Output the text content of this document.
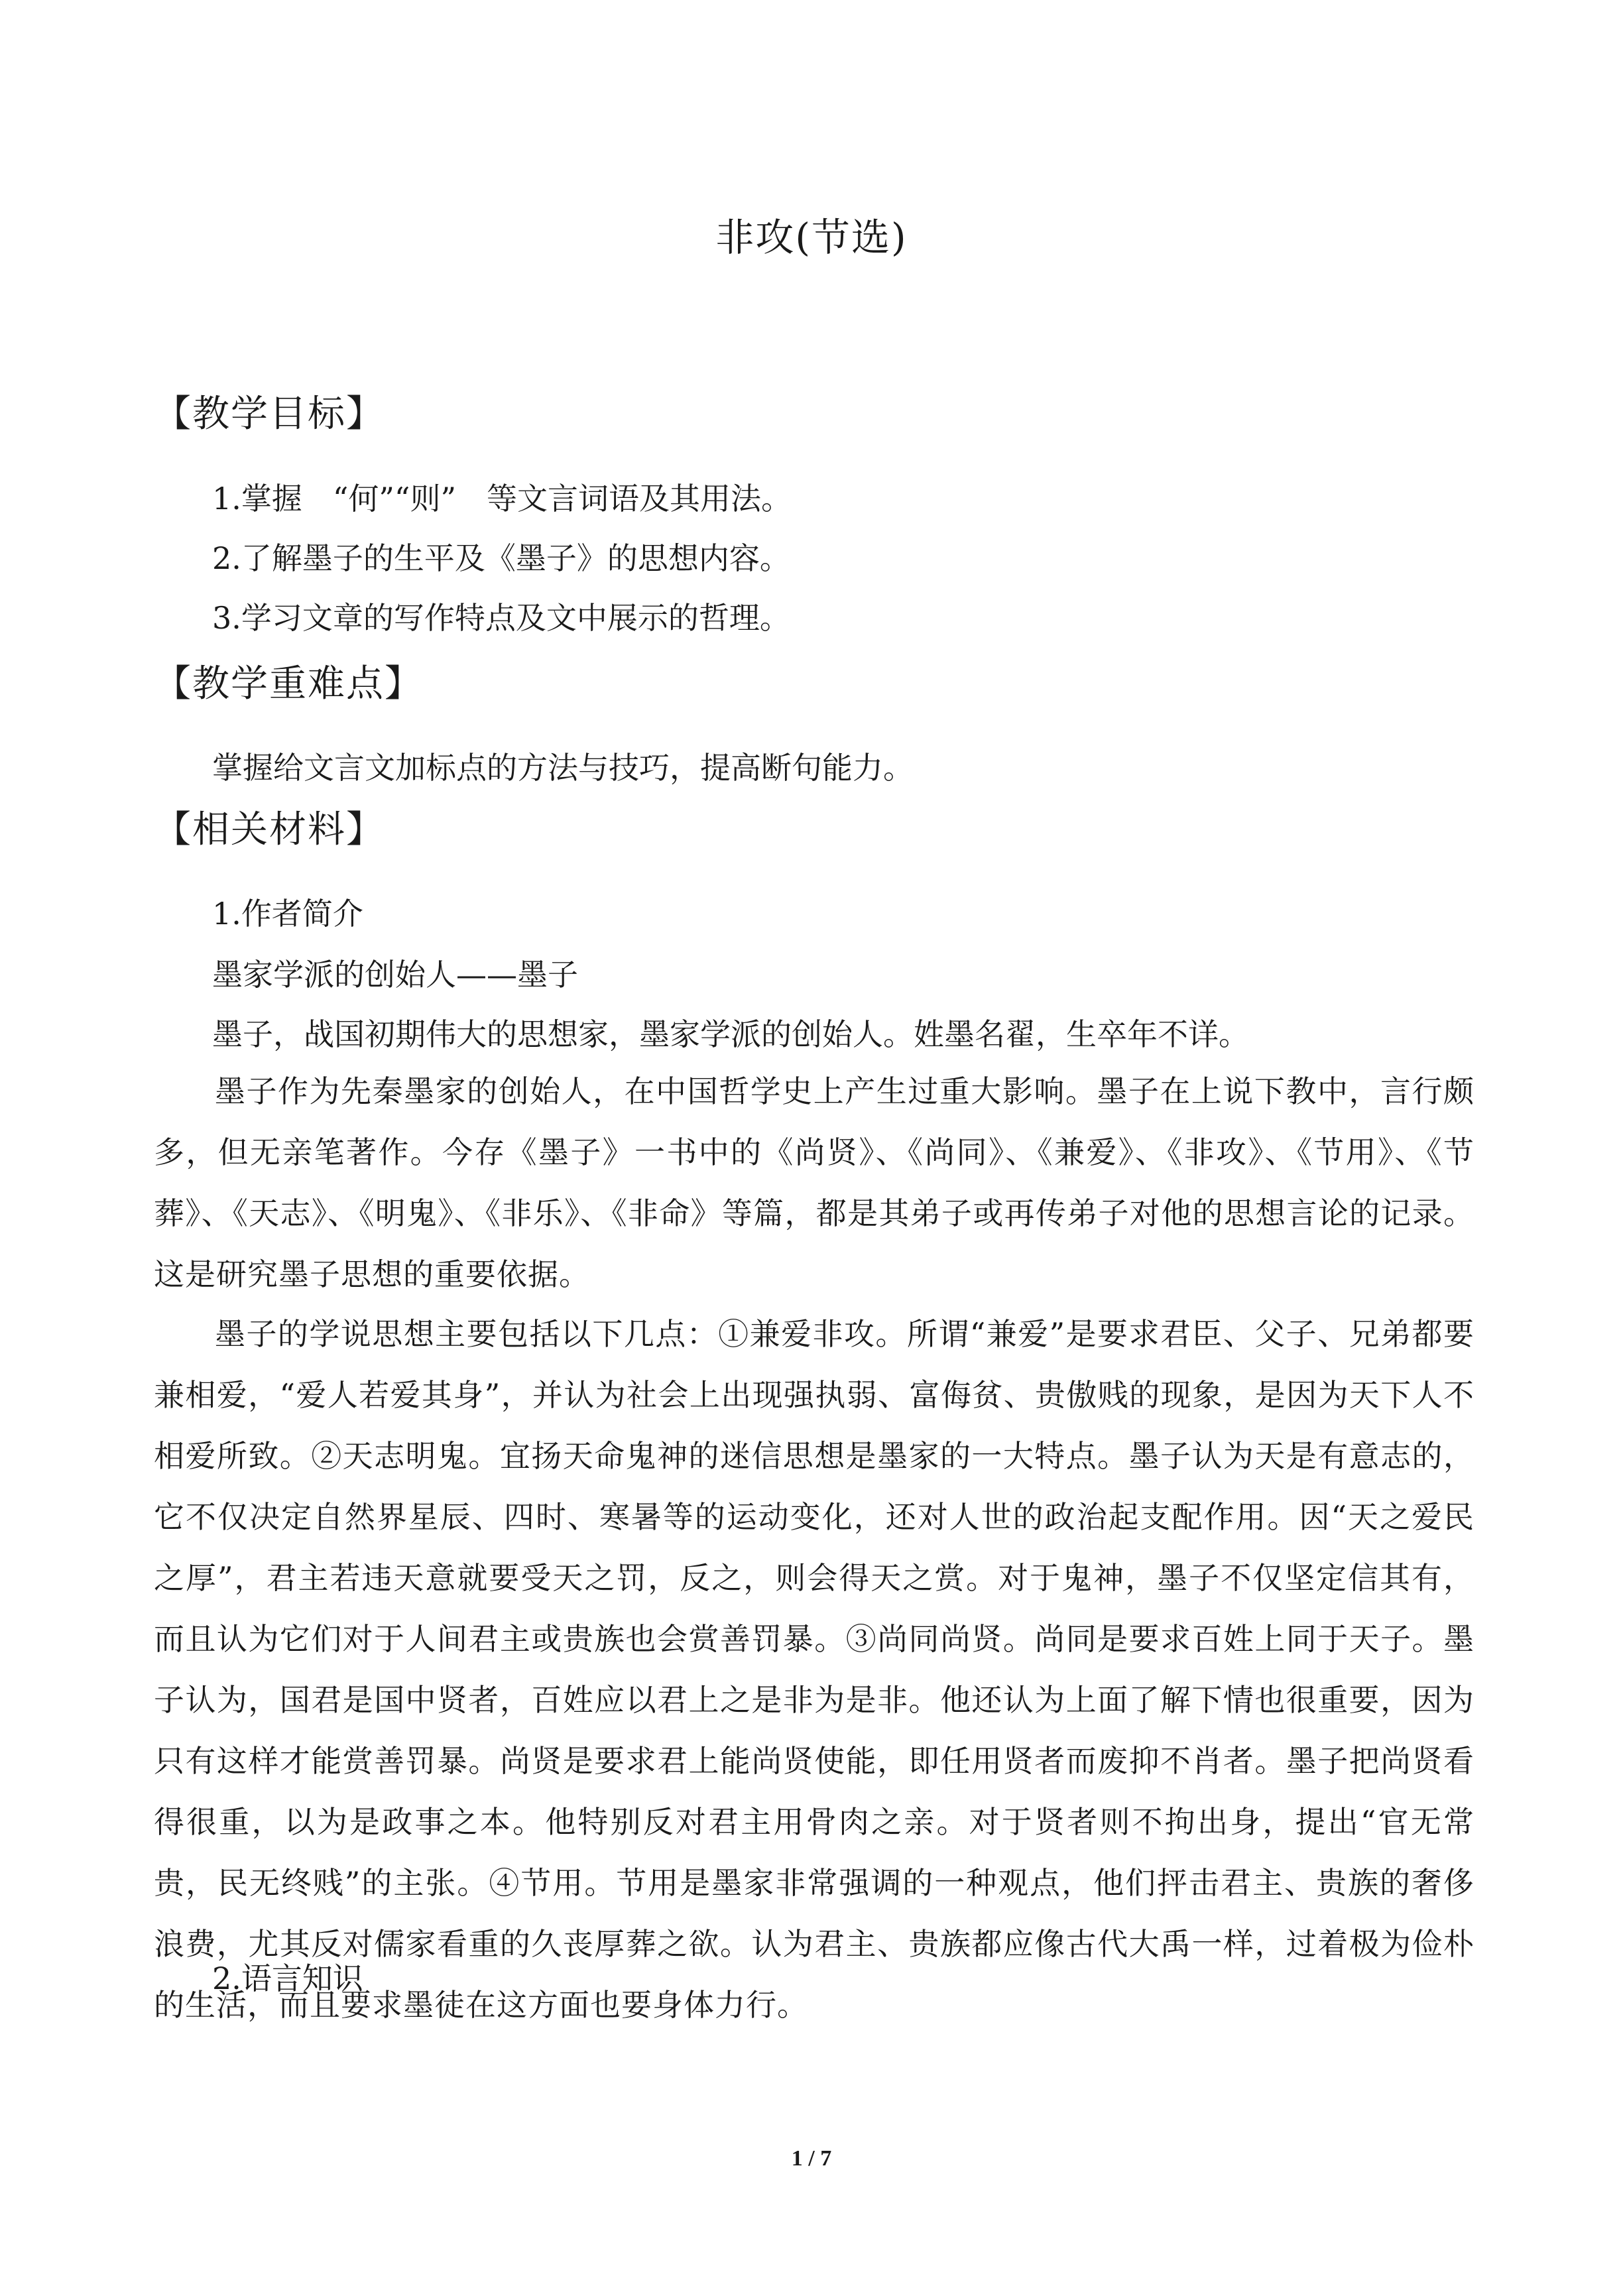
非攻(节选)
【教学目标】
1.掌握　“何”“则”　等文言词语及其用法。
2.了解墨子的生平及《墨子》的思想内容。
3.学习文章的写作特点及文中展示的哲理。
【教学重难点】
掌握给文言文加标点的方法与技巧，提高断句能力。
【相关材料】
1.作者简介
墨家学派的创始人——墨子
墨子，战国初期伟大的思想家，墨家学派的创始人。姓墨名翟，生卒年不详。
墨子作为先秦墨家的创始人，在中国哲学史上产生过重大影响。墨子在上说下教中，言行颇多，但无亲笔著作。今存《墨子》一书中的《尚贤》、《尚同》、《兼爱》、《非攻》、《节用》、《节葬》、《天志》、《明鬼》、《非乐》、《非命》等篇，都是其弟子或再传弟子对他的思想言论的记录。这是研究墨子思想的重要依据。
墨子的学说思想主要包括以下几点：①兼爱非攻。所谓“兼爱”是要求君臣、父子、兄弟都要兼相爱，“爱人若爱其身”，并认为社会上出现强执弱、富侮贫、贵傲贱的现象，是因为天下人不相爱所致。②天志明鬼。宜扬天命鬼神的迷信思想是墨家的一大特点。墨子认为天是有意志的，它不仅决定自然界星辰、四时、寒暑等的运动变化，还对人世的政治起支配作用。因“天之爱民之厚”，君主若违天意就要受天之罚，反之，则会得天之赏。对于鬼神，墨子不仅坚定信其有，而且认为它们对于人间君主或贵族也会赏善罚暴。③尚同尚贤。尚同是要求百姓上同于天子。墨子认为，国君是国中贤者，百姓应以君上之是非为是非。他还认为上面了解下情也很重要，因为只有这样才能赏善罚暴。尚贤是要求君上能尚贤使能，即任用贤者而废抑不肖者。墨子把尚贤看得很重，以为是政事之本。他特别反对君主用骨肉之亲。对于贤者则不拘出身，提出“官无常贵，民无终贱”的主张。④节用。节用是墨家非常强调的一种观点，他们抨击君主、贵族的奢侈浪费，尤其反对儒家看重的久丧厚葬之欲。认为君主、贵族都应像古代大禹一样，过着极为俭朴的生活，而且要求墨徒在这方面也要身体力行。
2.语言知识
1 / 7
